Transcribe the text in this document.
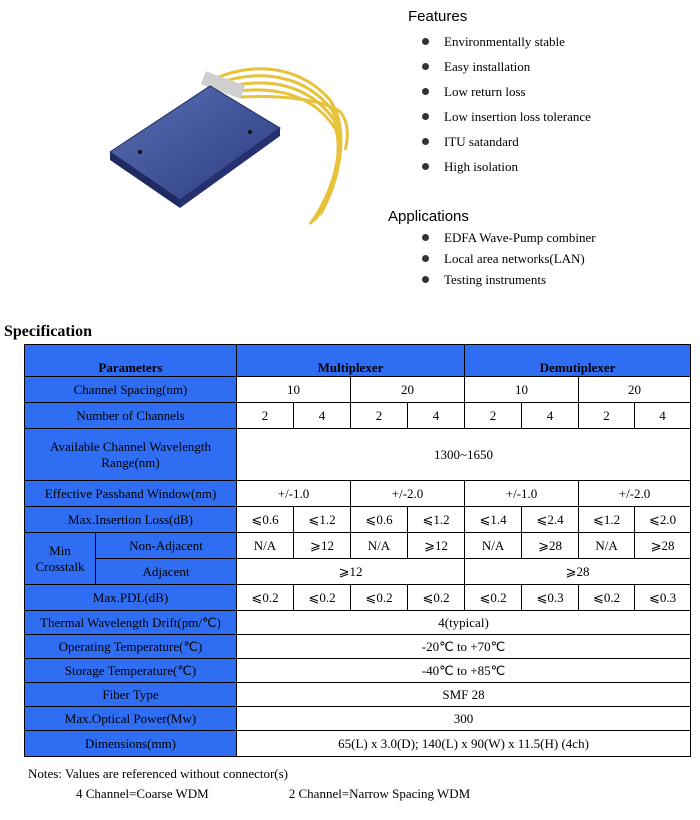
Features
Environmentally stable
Easy installation
Low return loss
Low insertion loss tolerance
ITU satandard
High isolation
Applications
EDFA Wave-Pump combiner
Local area networks(LAN)
Testing instruments
Specification
Parameters		Multiplexer				Demutiplexer			
Channel Spacing(nm)		10		20		10		20	
Number of Channels		2	4	2	4	2	4	2	4
Available Channel Wavelength Range(nm)		1300~1650							
Effective Passband Window(nm)		+/-1.0		+/-2.0		+/-1.0		+/-2.0	
Max.Insertion Loss(dB)		⩽0.6	⩽1.2	⩽0.6	⩽1.2	⩽1.4	⩽2.4	⩽1.2	⩽2.0
Min Crosstalk	Non-Adjacent	N/A	⩾12	N/A	⩾12	N/A	⩾28	N/A	⩾28
	Adjacent	⩾12				⩾28			
Max.PDL(dB)		⩽0.2	⩽0.2	⩽0.2	⩽0.2	⩽0.2	⩽0.3	⩽0.2	⩽0.3
Thermal Wavelength Drift(pm/℃)		4(typical)							
Operating Temperature(℃)		-20℃ to +70℃							
Storage Temperature(℃)		-40℃ to +85℃							
Fiber Type		SMF 28							
Max.Optical Power(Mw)		300							
Dimensions(mm)		65(L) x 3.0(D); 140(L) x 90(W) x 11.5(H) (4ch)							
Notes: Values are referenced without connector(s)
4 Channel=Coarse WDM	2 Channel=Narrow Spacing WDM
